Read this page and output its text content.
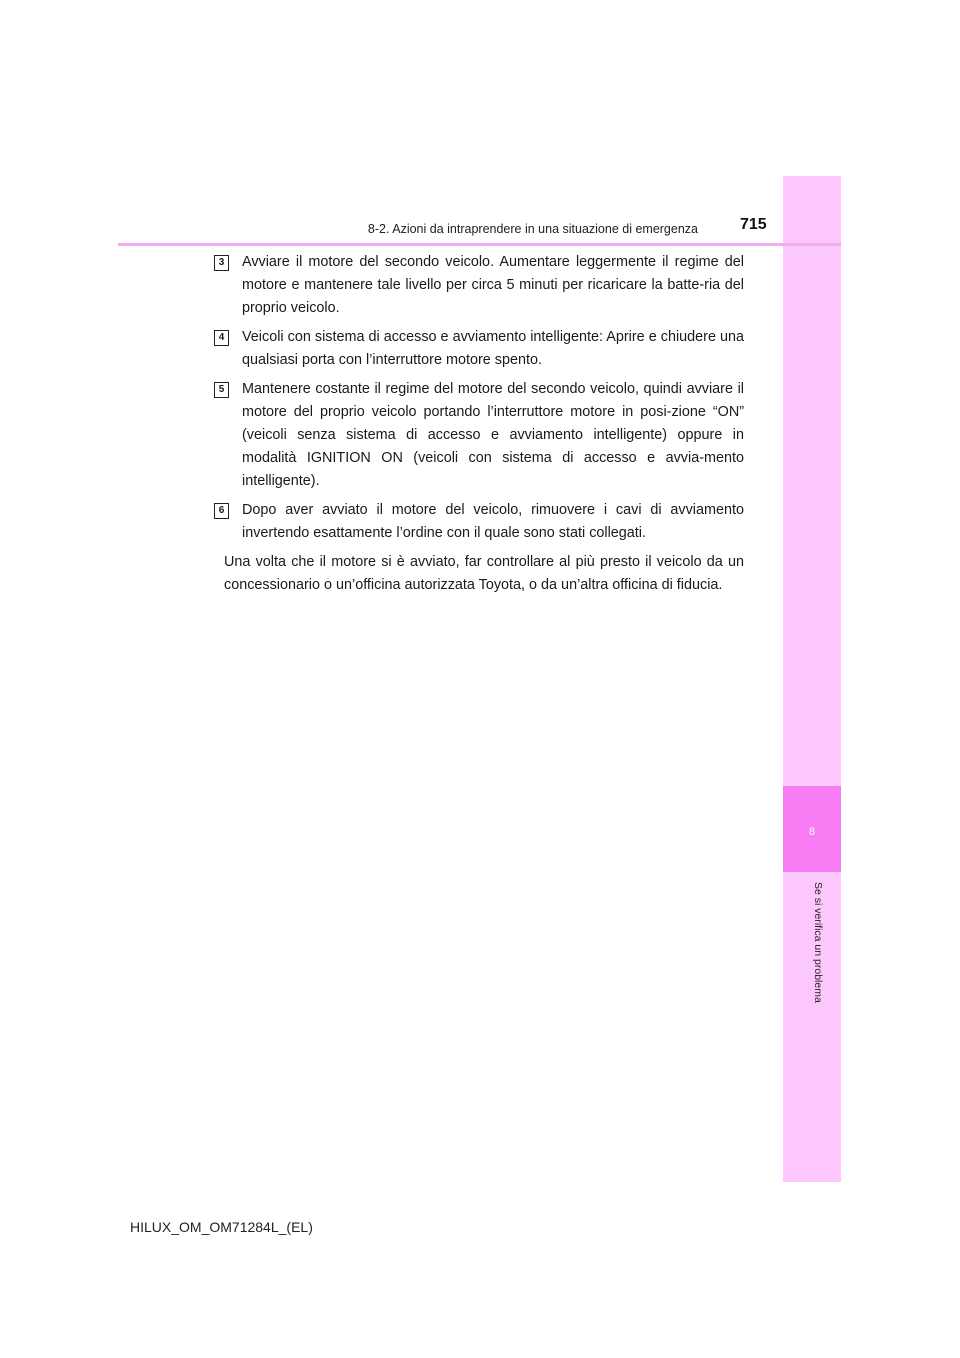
8
Se si verifica un problema
8-2. Azioni da intraprendere in una situazione di emergenza	715
3	Avviare il motore del secondo veicolo. Aumentare leggermente il regime del motore e mantenere tale livello per circa 5 minuti per ricaricare la batte-ria del proprio veicolo.

4	Veicoli con sistema di accesso e avviamento intelligente: Aprire e chiudere una qualsiasi porta con l’interruttore motore spento.

5	Mantenere costante il regime del motore del secondo veicolo, quindi avviare il motore del proprio veicolo portando l’interruttore motore in posi-zione “ON” (veicoli senza sistema di accesso e avviamento intelligente) oppure in modalità IGNITION ON (veicoli con sistema di accesso e avvia-mento intelligente).

6	Dopo aver avviato il motore del veicolo, rimuovere i cavi di avviamento invertendo esattamente l’ordine con il quale sono stati collegati.

Una volta che il motore si è avviato, far controllare al più presto il veicolo da un concessionario o un’officina autorizzata Toyota, o da un’altra officina di fiducia.

HILUX_OM_OM71284L_(EL)
